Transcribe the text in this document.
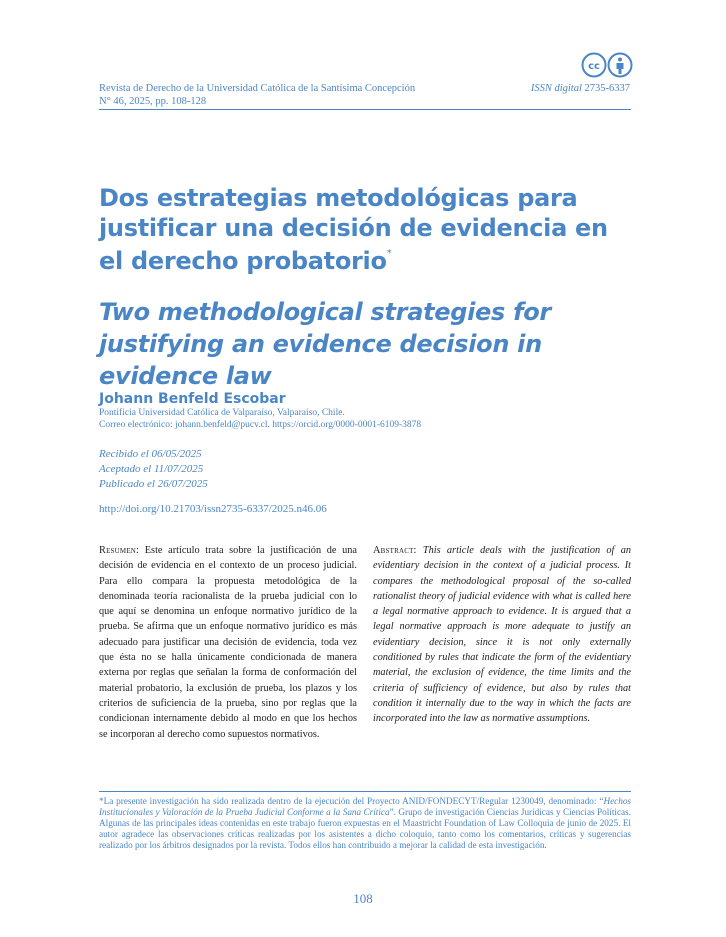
cc
Revista de Derecho de la Universidad Católica de la Santísima Concepción
N° 46, 2025, pp. 108-128
ISSN digital 2735-6337
Dos estrategias metodológicas para justificar una decisión de evidencia en el derecho probatorio*
Two methodological strategies for justifying an evidence decision in evidence law
Johann Benfeld Escobar
Pontificia Universidad Católica de Valparaíso, Valparaíso, Chile.
Correo electrónico: johann.benfeld@pucv.cl. https://orcid.org/0000-0001-6109-3878
Recibido el 06/05/2025
Aceptado el 11/07/2025
Publicado el 26/07/2025
http://doi.org/10.21703/issn2735-6337/2025.n46.06
Resumen: Este artículo trata sobre la justificación de una decisión de evidencia en el contexto de un proceso judicial. Para ello compara la propuesta metodológica de la denominada teoría racionalista de la prueba judicial con lo que aquí se denomina un enfoque normativo jurídico de la prueba. Se afirma que un enfoque normativo jurídico es más adecuado para justificar una decisión de evidencia, toda vez que ésta no se halla únicamente condicionada de manera externa por reglas que señalan la forma de conformación del material probatorio, la exclusión de prueba, los plazos y los criterios de suficiencia de la prueba, sino por reglas que la condicionan internamente debido al modo en que los hechos se incorporan al derecho como supuestos normativos.
Abstract: This article deals with the justification of an evidentiary decision in the context of a judicial process. It compares the methodological proposal of the so-called rationalist theory of judicial evidence with what is called here a legal normative approach to evidence. It is argued that a legal normative approach is more adequate to justify an evidentiary decision, since it is not only externally conditioned by rules that indicate the form of the evidentiary material, the exclusion of evidence, the time limits and the criteria of sufficiency of evidence, but also by rules that condition it internally due to the way in which the facts are incorporated into the law as normative assumptions.
*La presente investigación ha sido realizada dentro de la ejecución del Proyecto ANID/FONDECYT/Regular 1230049, denominado: “Hechos Institucionales y Valoración de la Prueba Judicial Conforme a la Sana Crítica”. Grupo de investigación Ciencias Jurídicas y Ciencias Políticas. Algunas de las principales ideas contenidas en este trabajo fueron expuestas en el Maastricht Foundation of Law Colloquia de junio de 2025. El autor agradece las observaciones críticas realizadas por los asistentes a dicho coloquio, tanto como los comentarios, críticas y sugerencias realizado por los árbitros designados por la revista. Todos ellos han contribuido a mejorar la calidad de esta investigación.
108
